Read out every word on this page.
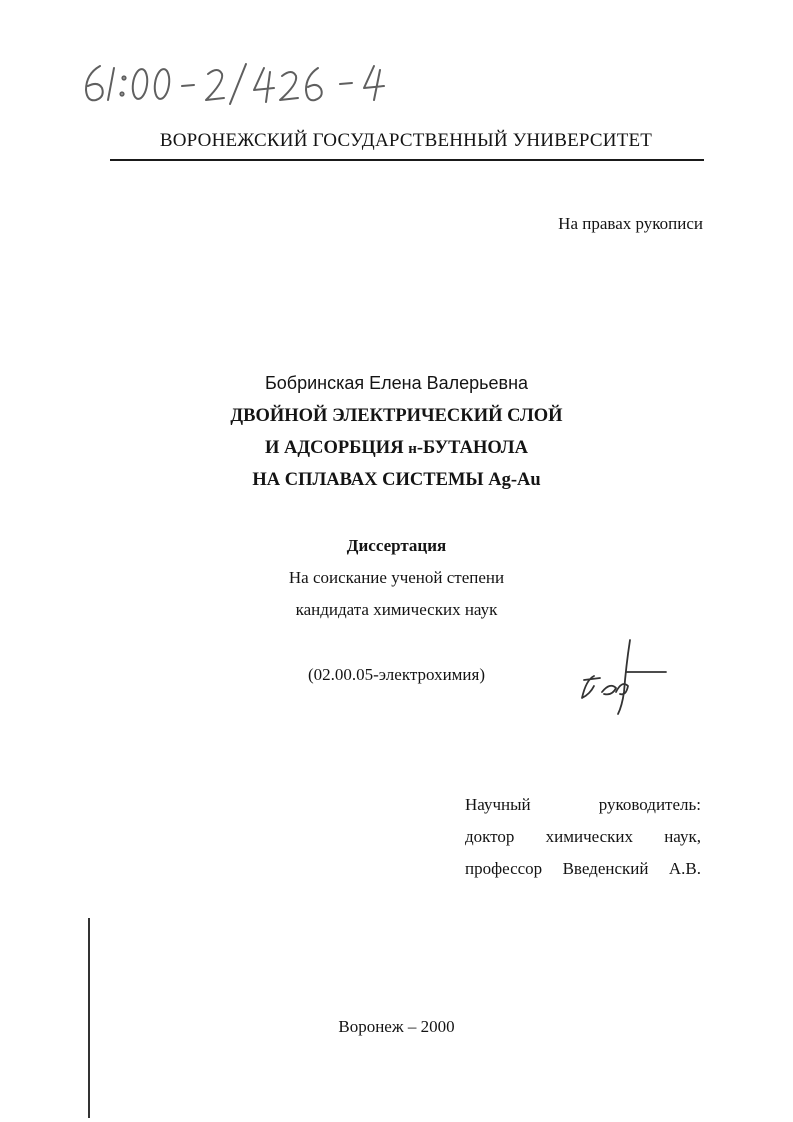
ВОРОНЕЖСКИЙ ГОСУДАРСТВЕННЫЙ УНИВЕРСИТЕТ
На правах рукописи
Бобринская Елена Валерьевна
ДВОЙНОЙ ЭЛЕКТРИЧЕСКИЙ СЛОЙ
И АДСОРБЦИЯ н-БУТАНОЛА
НА СПЛАВАХ СИСТЕМЫ Ag-Au
Диссертация
На соискание ученой степени
кандидата химических наук
(02.00.05-электрохимия)
Научный	руководитель:
доктор химических наук,
профессор Введенский А.В.
Воронеж – 2000
